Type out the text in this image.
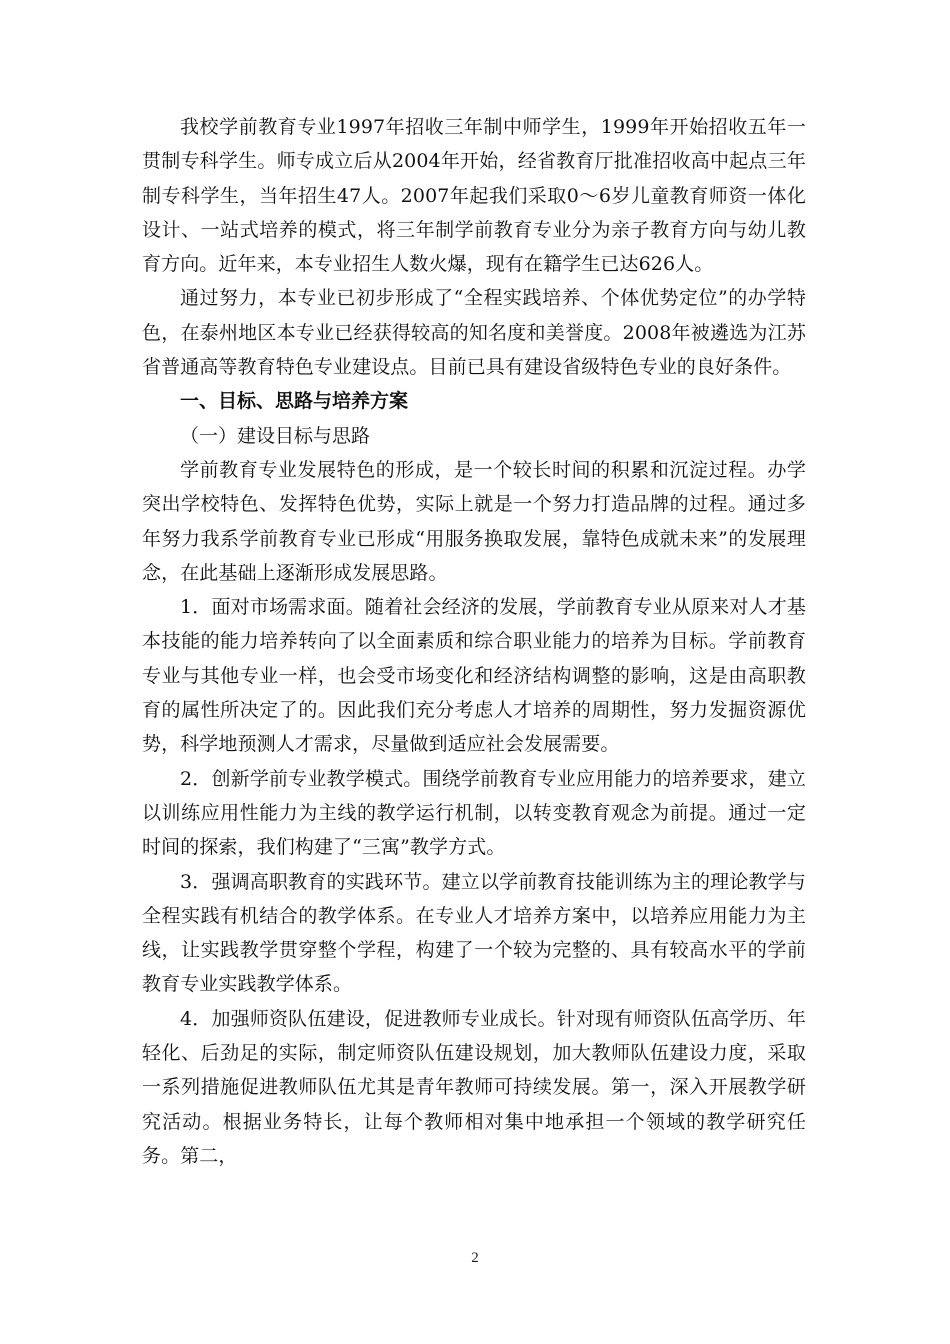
我校学前教育专业1997年招收三年制中师学生，1999年开始招收五年一贯制专科学生。师专成立后从2004年开始，经省教育厅批准招收高中起点三年制专科学生，当年招生47人。2007年起我们采取0～6岁儿童教育师资一体化设计、一站式培养的模式，将三年制学前教育专业分为亲子教育方向与幼儿教育方向。近年来，本专业招生人数火爆，现有在籍学生已达626人。

通过努力，本专业已初步形成了“全程实践培养、个体优势定位”的办学特色，在泰州地区本专业已经获得较高的知名度和美誉度。2008年被遴选为江苏省普通高等教育特色专业建设点。目前已具有建设省级特色专业的良好条件。

一、目标、思路与培养方案

（一）建设目标与思路

学前教育专业发展特色的形成，是一个较长时间的积累和沉淀过程。办学突出学校特色、发挥特色优势，实际上就是一个努力打造品牌的过程。通过多年努力我系学前教育专业已形成“用服务换取发展，靠特色成就未来”的发展理念，在此基础上逐渐形成发展思路。

1．面对市场需求面。随着社会经济的发展，学前教育专业从原来对人才基本技能的能力培养转向了以全面素质和综合职业能力的培养为目标。学前教育专业与其他专业一样，也会受市场变化和经济结构调整的影响，这是由高职教育的属性所决定了的。因此我们充分考虑人才培养的周期性，努力发掘资源优势，科学地预测人才需求，尽量做到适应社会发展需要。

2．创新学前专业教学模式。围绕学前教育专业应用能力的培养要求，建立以训练应用性能力为主线的教学运行机制，以转变教育观念为前提。通过一定时间的探索，我们构建了“三寓”教学方式。

3．强调高职教育的实践环节。建立以学前教育技能训练为主的理论教学与全程实践有机结合的教学体系。在专业人才培养方案中，以培养应用能力为主线，让实践教学贯穿整个学程，构建了一个较为完整的、具有较高水平的学前教育专业实践教学体系。

4．加强师资队伍建设，促进教师专业成长。针对现有师资队伍高学历、年轻化、后劲足的实际，制定师资队伍建设规划，加大教师队伍建设力度，采取一系列措施促进教师队伍尤其是青年教师可持续发展。第一，深入开展教学研究活动。根据业务特长，让每个教师相对集中地承担一个领域的教学研究任务。第二，

2
